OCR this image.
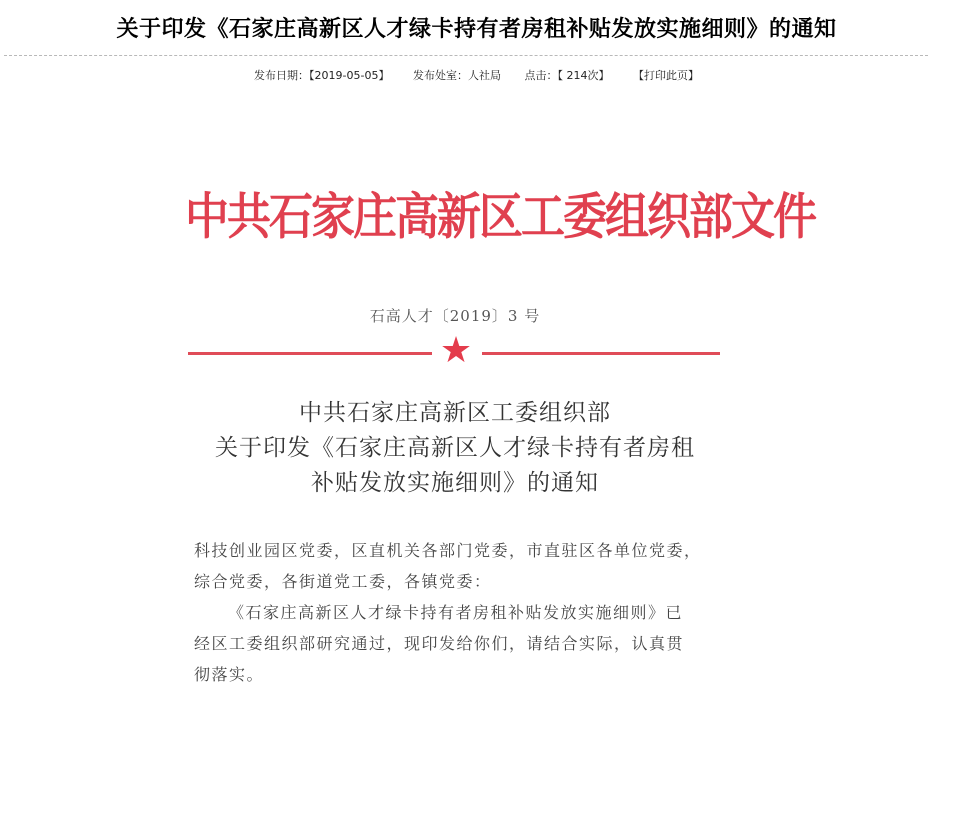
关于印发《石家庄高新区人才绿卡持有者房租补贴发放实施细则》的通知
发布日期：【2019-05-05】 发布处室：人社局 点击：【 214次】 【打印此页】
中共石家庄高新区工委组织部文件
石高人才〔2019〕3 号
★
中共石家庄高新区工委组织部
关于印发《石家庄高新区人才绿卡持有者房租
补贴发放实施细则》的通知
科技创业园区党委，区直机关各部门党委，市直驻区各单位党委，
综合党委，各街道党工委，各镇党委：
《石家庄高新区人才绿卡持有者房租补贴发放实施细则》已
经区工委组织部研究通过，现印发给你们，请结合实际，认真贯
彻落实。
